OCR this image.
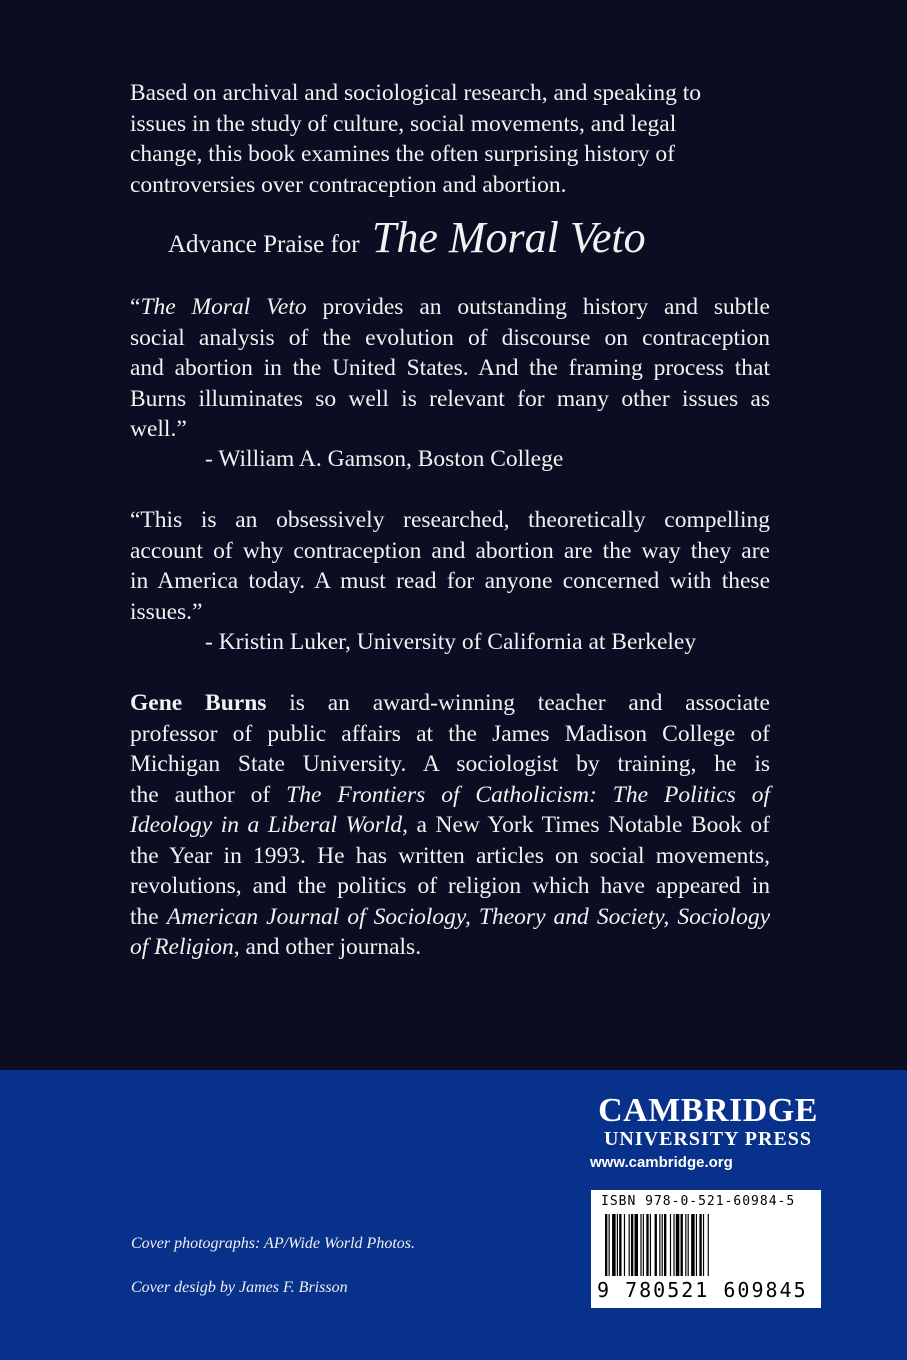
Based on archival and sociological research, and speaking to
issues in the study of culture, social movements, and legal
change, this book examines the often surprising history of
controversies over contraception and abortion.
Advance Praise for The Moral Veto
“The Moral Veto provides an outstanding history and subtle
social analysis of the evolution of discourse on contraception
and abortion in the United States. And the framing process that
Burns illuminates so well is relevant for many other issues as
well.”
- William A. Gamson, Boston College
“This is an obsessively researched, theoretically compelling
account of why contraception and abortion are the way they are
in America today. A must read for anyone concerned with these
issues.”
- Kristin Luker, University of California at Berkeley
Gene Burns is an award-winning teacher and associate
professor of public affairs at the James Madison College of
Michigan State University. A sociologist by training, he is
the author of The Frontiers of Catholicism: The Politics of
Ideology in a Liberal World, a New York Times Notable Book of
the Year in 1993. He has written articles on social movements,
revolutions, and the politics of religion which have appeared in
the American Journal of Sociology, Theory and Society, Sociology
of Religion, and other journals.
CAMBRIDGE
UNIVERSITY PRESS
www.cambridge.org
ISBN 978-0-521-60984-5
9 780521 609845
Cover photographs: AP/Wide World Photos.
Cover desigb by James F. Brisson
